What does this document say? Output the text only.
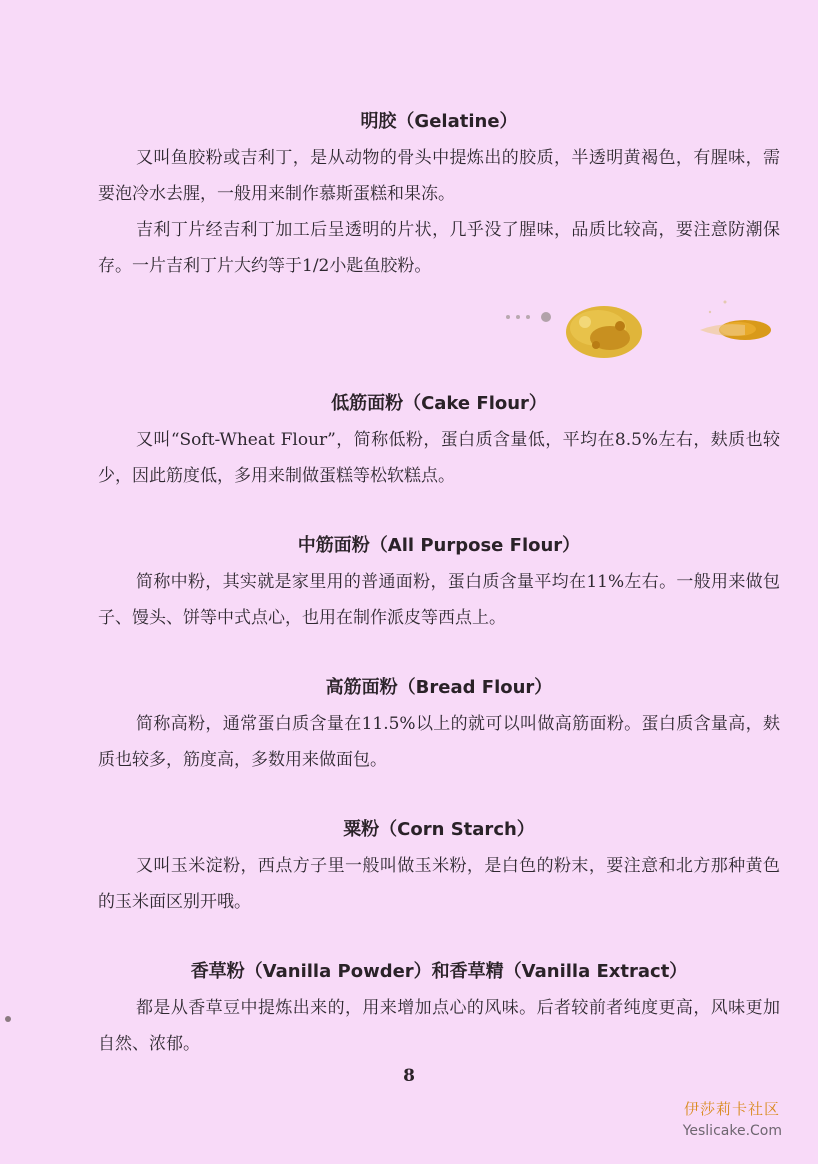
明胶（Gelatine）

又叫鱼胶粉或吉利丁，是从动物的骨头中提炼出的胶质，半透明黄褐色，有腥味，需要泡冷水去腥，一般用来制作慕斯蛋糕和果冻。

吉利丁片经吉利丁加工后呈透明的片状，几乎没了腥味，品质比较高，要注意防潮保存。一片吉利丁片大约等于1/2小匙鱼胶粉。

低筋面粉（Cake Flour）

又叫“Soft-Wheat Flour”，简称低粉，蛋白质含量低，平均在8.5%左右，麸质也较少，因此筋度低，多用来制做蛋糕等松软糕点。

中筋面粉（All Purpose Flour）

简称中粉，其实就是家里用的普通面粉，蛋白质含量平均在11%左右。一般用来做包子、馒头、饼等中式点心，也用在制作派皮等西点上。

高筋面粉（Bread Flour）

简称高粉，通常蛋白质含量在11.5%以上的就可以叫做高筋面粉。蛋白质含量高，麸质也较多，筋度高，多数用来做面包。

粟粉（Corn Starch）

又叫玉米淀粉，西点方子里一般叫做玉米粉，是白色的粉末，要注意和北方那种黄色的玉米面区别开哦。

香草粉（Vanilla Powder）和香草精（Vanilla Extract）

都是从香草豆中提炼出来的，用来增加点心的风味。后者较前者纯度更高，风味更加自然、浓郁。

8
伊莎莉卡社区
Yeslicake.Com
